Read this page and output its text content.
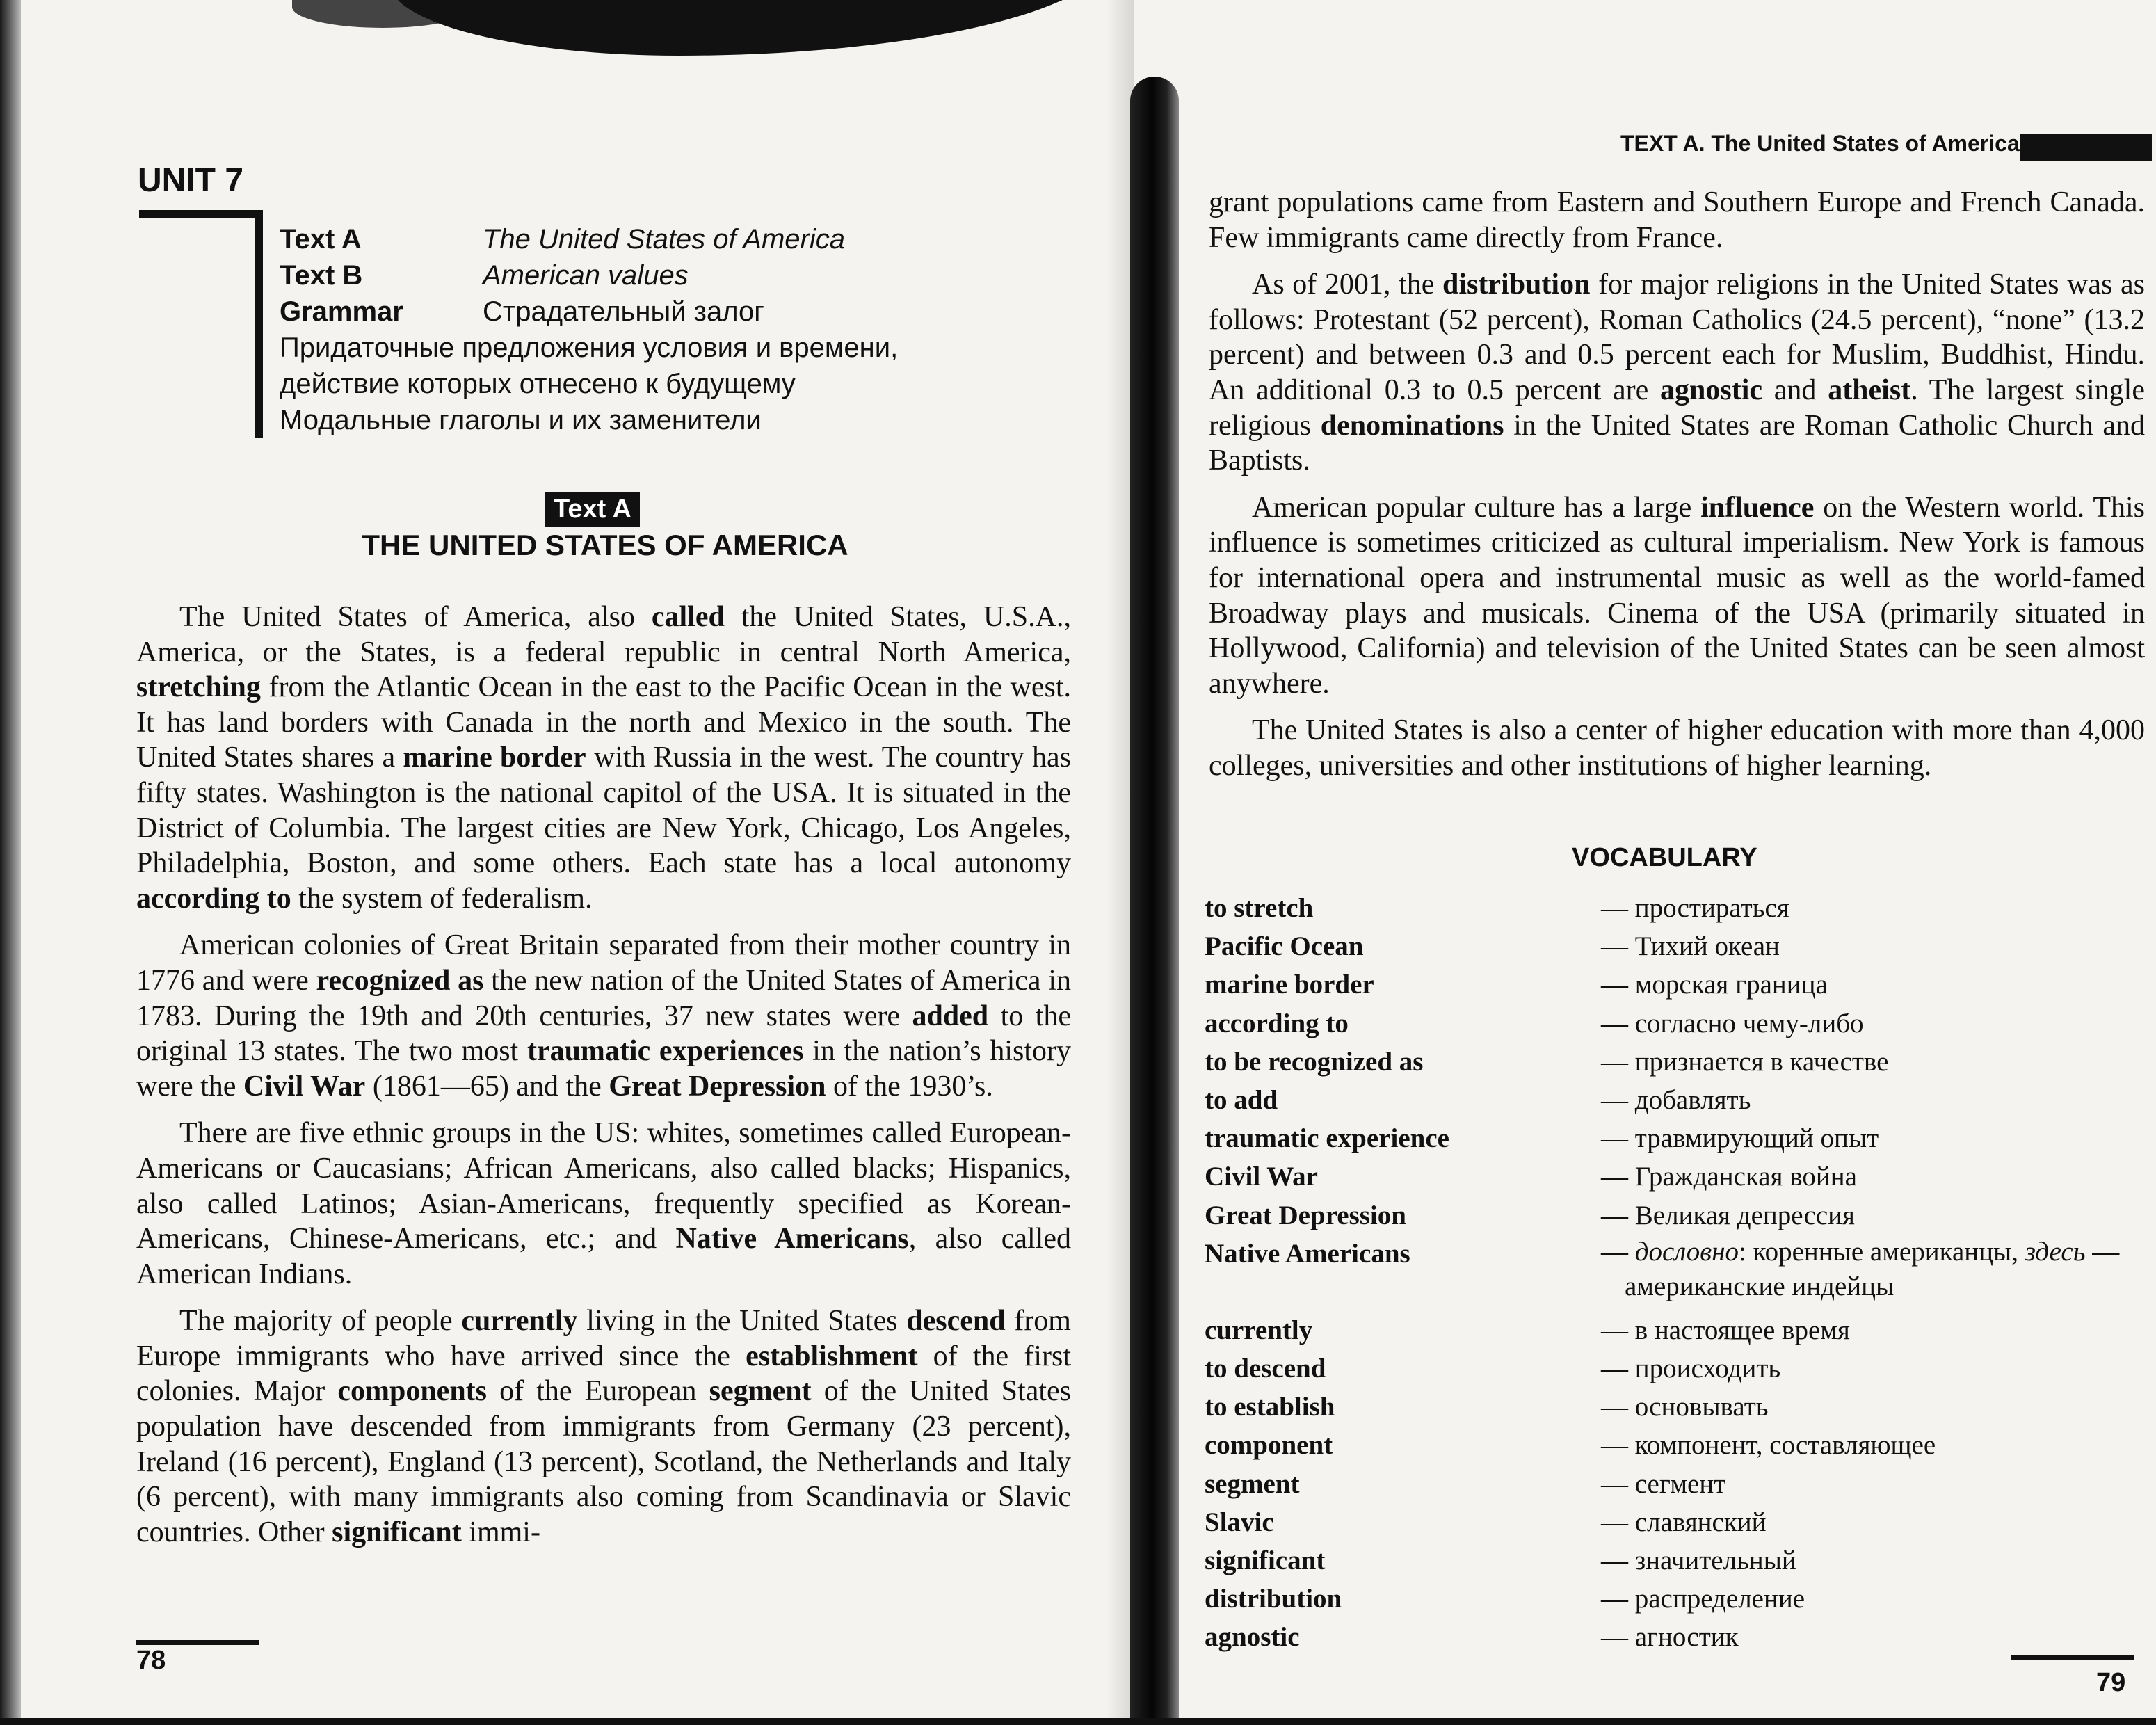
UNIT 7
Text A	The United States of America
Text B	American values
Grammar	Страдательный залог
Придаточные предложения условия и времени,
действие которых отнесено к будущему
Модальные глаголы и их заменители
Text A
THE UNITED STATES OF AMERICA

The United States of America, also called the United States, U.S.A., America, or the States, is a federal republic in central North America, stretching from the Atlantic Ocean in the east to the Pacific Ocean in the west. It has land borders with Canada in the north and Mexico in the south. The United States shares a marine border with Russia in the west. The country has fifty states. Washington is the national capitol of the USA. It is situated in the District of Columbia. The largest cities are New York, Chicago, Los Angeles, Philadelphia, Boston, and some others. Each state has a local autonomy according to the system of federalism.

American colonies of Great Britain separated from their mother country in 1776 and were recognized as the new nation of the United States of America in 1783. During the 19th and 20th centuries, 37 new states were added to the original 13 states. The two most traumatic experiences in the nation’s history were the Civil War (1861—65) and the Great Depression of the 1930’s.

There are five ethnic groups in the US: whites, sometimes called European-Americans or Caucasians; African Americans, also called blacks; Hispanics, also called Latinos; Asian-Americans, frequently specified as Korean-Americans, Chinese-Americans, etc.; and Native Americans, also called American Indians.

The majority of people currently living in the United States descend from Europe immigrants who have arrived since the establishment of the first colonies. Major components of the European segment of the United States population have descended from immigrants from Germany (23 percent), Ireland (16 percent), England (13 percent), Scotland, the Netherlands and Italy (6 percent), with many immigrants also coming from Scandinavia or Slavic countries. Other significant immi-

78
TEXT A. The United States of America

grant populations came from Eastern and Southern Europe and French Canada. Few immigrants came directly from France.

As of 2001, the distribution for major religions in the United States was as follows: Protestant (52 percent), Roman Catholics (24.5 percent), “none” (13.2 percent) and between 0.3 and 0.5 percent each for Muslim, Buddhist, Hindu. An additional 0.3 to 0.5 percent are agnostic and atheist. The largest single religious denominations in the United States are Roman Catholic Church and Baptists.

American popular culture has a large influence on the Western world. This influence is sometimes criticized as cultural imperialism. New York is famous for international opera and instrumental music as well as the world-famed Broadway plays and musicals. Cinema of the USA (primarily situated in Hollywood, California) and television of the United States can be seen almost anywhere.

The United States is also a center of higher education with more than 4,000 colleges, universities and other institutions of higher learning.

VOCABULARY
to stretch	— простираться
Pacific Ocean	— Тихий океан
marine border	— морская граница
according to	— согласно чему-либо
to be recognized as	— признается в качестве
to add	— добавлять
traumatic experience	— травмирующий опыт
Civil War	— Гражданская война
Great Depression	— Великая депрессия
Native Americans	— дословно: коренные американцы, здесь —
американские индейцы
currently	— в настоящее время
to descend	— происходить
to establish	— основывать
component	— компонент, составляющее
segment	— сегмент
Slavic	— славянский
significant	— значительный
distribution	— распределение
agnostic	— агностик
79
